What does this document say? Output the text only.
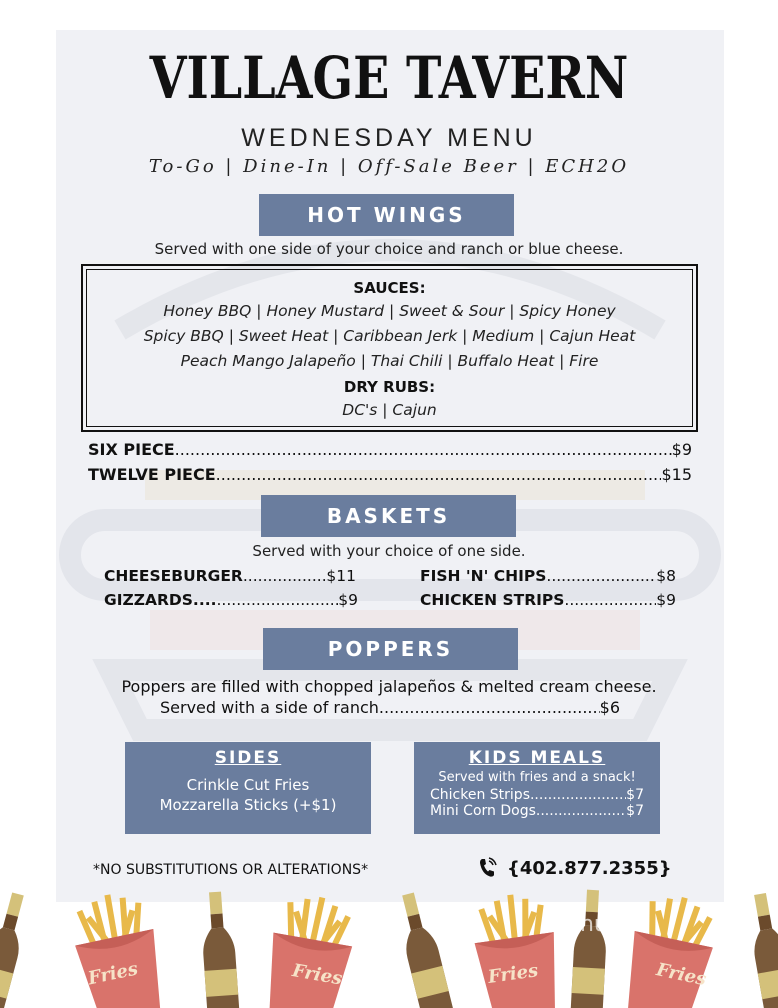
VILLAGE TAVERN
WEDNESDAY MENU
To-Go | Dine-In | Off-Sale Beer | ECH2O
HOT WINGS
Served with one side of your choice and ranch or blue cheese.
SAUCES:
Honey BBQ | Honey Mustard | Sweet & Sour | Spicy Honey
Spicy BBQ | Sweet Heat | Caribbean Jerk | Medium | Cajun Heat
Peach Mango Jalapeño | Thai Chili | Buffalo Heat | Fire
DRY RUBS:
DC's | Cajun
SIX PIECE .....	$9
TWELVE PIECE .....	$15
BASKETS
Served with your choice of one side.
CHEESEBURGER .....	$11	FISH 'N' CHIPS .....	$8
GIZZARDS.... .....	$9	CHICKEN STRIPS .....	$9
POPPERS
Poppers are filled with chopped jalapeños & melted cream cheese.
Served with a side of ranch .....	$6
SIDES
Crinkle Cut Fries
Mozzarella Sticks (+$1)
KIDS MEALS
Served with fries and a snack!
Chicken Strips .....	$7
Mini Corn Dogs .....	$7
*NO SUBSTITUTIONS OR ALTERATIONS*	{402.877.2355}
Fries	Fries	Fries	Fries
menupix
